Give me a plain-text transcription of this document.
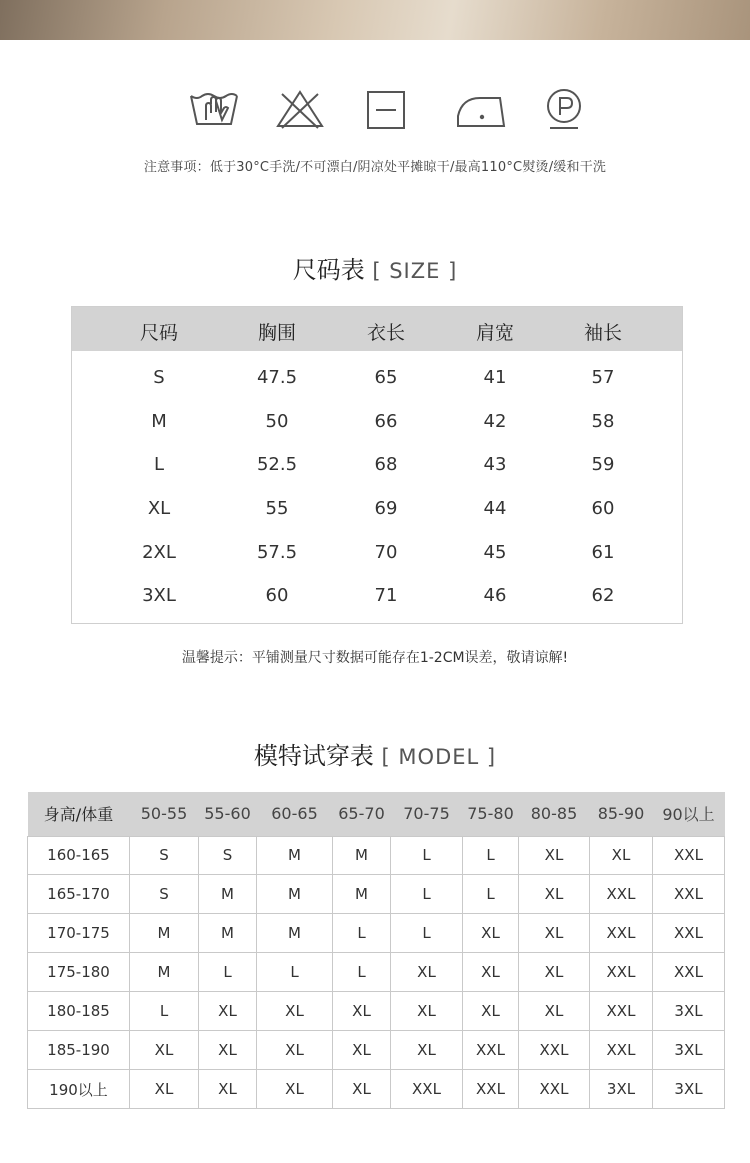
注意事项：低于30°C手洗/不可漂白/阴凉处平摊晾干/最高110°C熨烫/缓和干洗
尺码表 [ SIZE ]
尺码	胸围	衣长	肩宽	袖长
S	47.5	65	41	57
M	50	66	42	58
L	52.5	68	43	59
XL	55	69	44	60
2XL	57.5	70	45	61
3XL	60	71	46	62
温馨提示：平铺测量尺寸数据可能存在1-2CM误差，敬请谅解!
模特试穿表 [ MODEL ]
身高/体重	50-55	55-60	60-65	65-70	70-75	75-80	80-85	85-90	90以上
160-165	S	S	M	M	L	L	XL	XL	XXL
165-170	S	M	M	M	L	L	XL	XXL	XXL
170-175	M	M	M	L	L	XL	XL	XXL	XXL
175-180	M	L	L	L	XL	XL	XL	XXL	XXL
180-185	L	XL	XL	XL	XL	XL	XL	XXL	3XL
185-190	XL	XL	XL	XL	XL	XXL	XXL	XXL	3XL
190以上	XL	XL	XL	XL	XXL	XXL	XXL	3XL	3XL
